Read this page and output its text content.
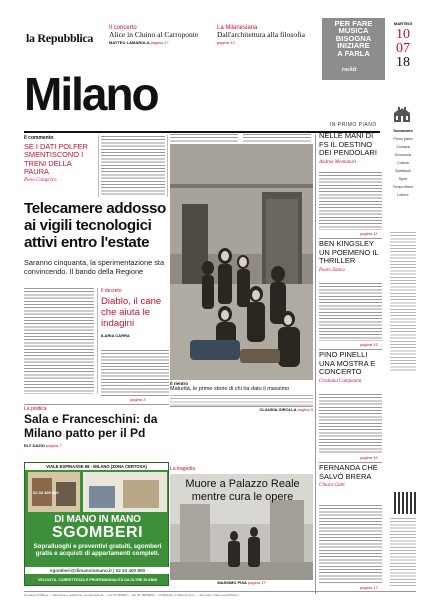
la Repubblica
Il concerto
Alice in Cluino al Carroponte
MATTEO LAMAROLA pagina 17
La Milanesiana
Dall'architettura alla filosofia
pagina 13
PER FARE
MUSICA
BISOGNA
INIZIARE
A FARLA
rockit
MARTEDÌ
10
07
18
Milano
IN PRIMO PIANO
Sommario
Primo piano
Cronaca
Economia
Cultura
Spettacoli
Sport
Tempo libero
Lettere
Il commento
SE I DATI POLFER SMENTISCONO I TRENI DELLA PAURA
Piero Colaprico
Telecamere addosso ai vigili tecnologici attivi entro l'estate
Saranno cinquanta, la sperimentazione sta convincendo. Il bando della Regione
Il decreto
Diablo, il cane che aiuta le indagini
ILARIA CARRA
pagina 3
La politica
Sala e Franceschini: da Milano patto per il Pd
ELY DAZIO pagina 7
Il rientro
Maturità, le prime storie di chi ha dato il massimo
CLAUDIA GIROLLA pagina 9
NELLE MANI DI FS IL DESTINO DEI PENDOLARI
Andrea Montanari
pagina 11
BEN KINGSLEY UN POEMENO IL THRILLER
Paolo Zanca
pagina 15
PINO PINELLI UNA MOSTRA E CONCERTO
Cristiana Campanini
pagina 16
FERNANDA CHE SALVÒ BRERA
Chiara Gatti
pagina 17
VIALE ESPINASSE 68 - MILANO (ZONA CERTOSA)
02 33 400 800
DI MANO IN MANO
SGOMBERI
Sopralluoghi e preventivi gratuiti, sgomberi gratis e acquisti di appartamenti completi.
sgomberi@dimanoinmano.it | 02 33 400 800
VELOCITÀ, CORRETTEZZA E PROFESSIONALITÀ DA OLTRE 20 ANNI
La tragedia
Muore a Palazzo Reale mentre cura le opere
MASSIMO PISA pagina 17
Cronaca di Milano — Direzione e redazione: via Nervesa 21 — tel. 02 480981 — fax 02 48098250 — Pubblicità: A. Manzoni & C. — sito web: milano.repubblica.it
